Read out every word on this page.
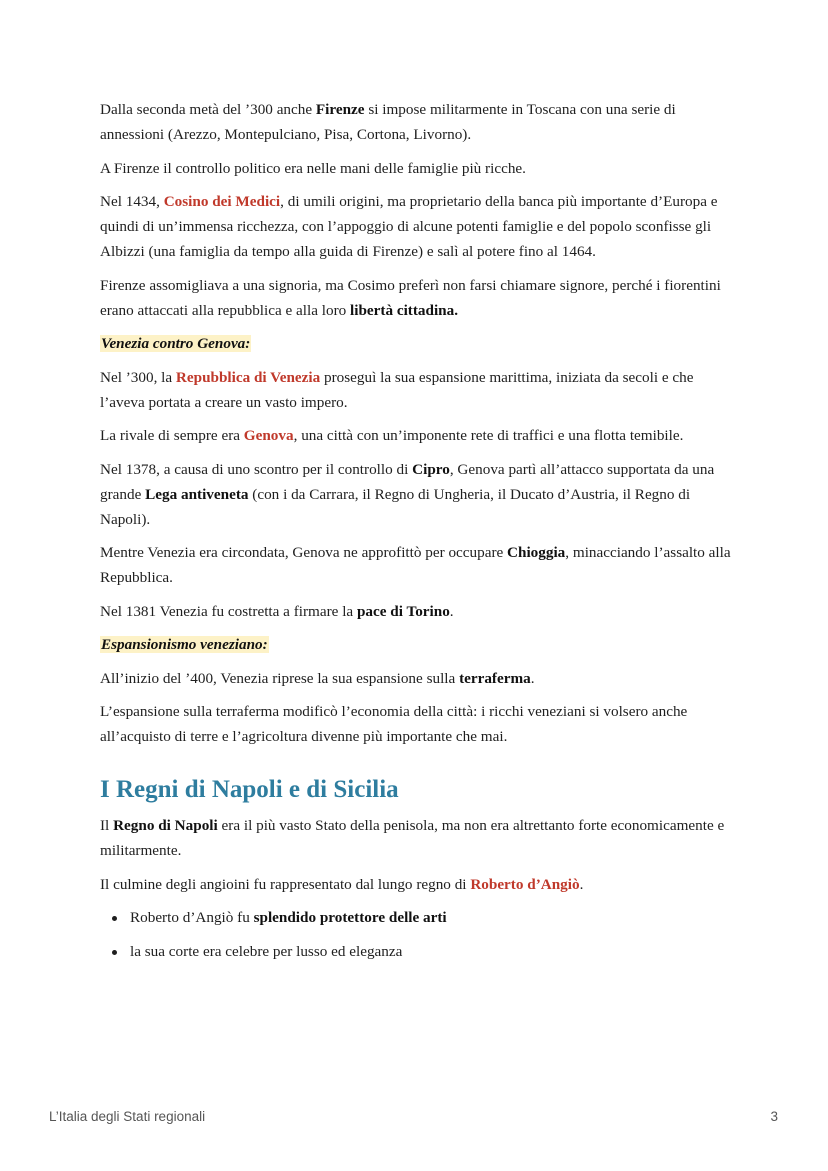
Dalla seconda metà del ’300 anche Firenze si impose militarmente in Toscana con una serie di annessioni (Arezzo, Montepulciano, Pisa, Cortona, Livorno).

A Firenze il controllo politico era nelle mani delle famiglie più ricche.

Nel 1434, Cosino dei Medici, di umili origini, ma proprietario della banca più importante d’Europa e quindi di un’immensa ricchezza, con l’appoggio di alcune potenti famiglie e del popolo sconfisse gli Albizzi (una famiglia da tempo alla guida di Firenze) e salì al potere fino al 1464.

Firenze assomigliava a una signoria, ma Cosimo preferì non farsi chiamare signore, perché i fiorentini erano attaccati alla repubblica e alla loro libertà cittadina.

Venezia contro Genova:

Nel ’300, la Repubblica di Venezia proseguì la sua espansione marittima, iniziata da secoli e che l’aveva portata a creare un vasto impero.

La rivale di sempre era Genova, una città con un’imponente rete di traffici e una flotta temibile.

Nel 1378, a causa di uno scontro per il controllo di Cipro, Genova partì all’attacco supportata da una grande Lega antiveneta (con i da Carrara, il Regno di Ungheria, il Ducato d’Austria, il Regno di Napoli).

Mentre Venezia era circondata, Genova ne approfittò per occupare Chioggia, minacciando l’assalto alla Repubblica.

Nel 1381 Venezia fu costretta a firmare la pace di Torino.

Espansionismo veneziano:

All’inizio del ’400, Venezia riprese la sua espansione sulla terraferma.

L’espansione sulla terraferma modificò l’economia della città: i ricchi veneziani si volsero anche all’acquisto di terre e l’agricoltura divenne più importante che mai.

I Regni di Napoli e di Sicilia

Il Regno di Napoli era il più vasto Stato della penisola, ma non era altrettanto forte economicamente e militarmente.

Il culmine degli angioini fu rappresentato dal lungo regno di Roberto d’Angiò.

Roberto d’Angiò fu splendido protettore delle arti
la sua corte era celebre per lusso ed eleganza
L’Italia degli Stati regionali	3
